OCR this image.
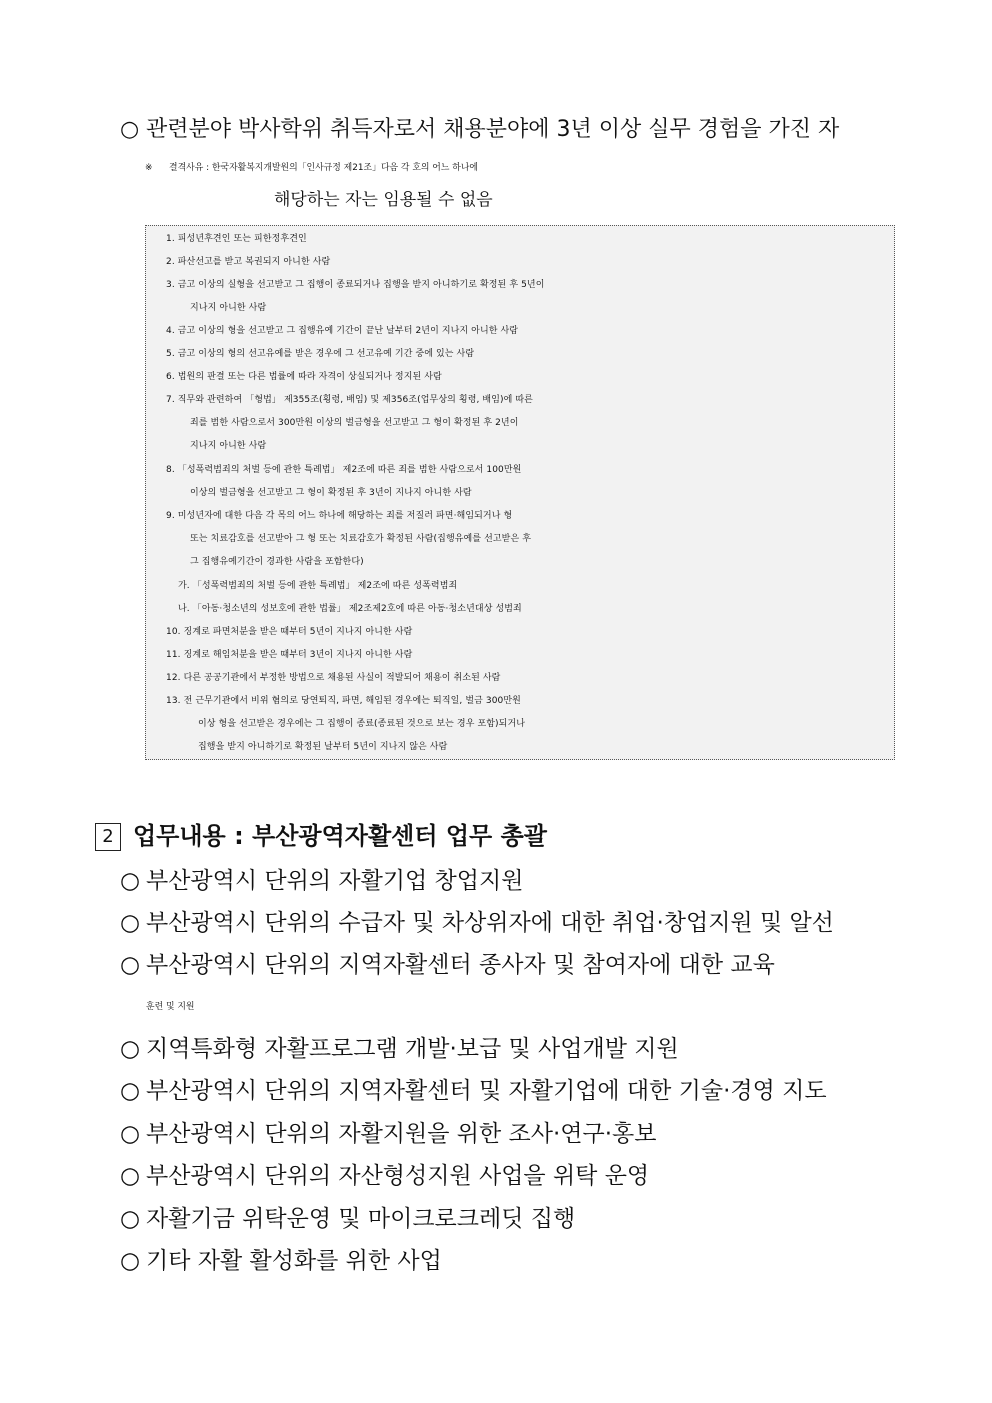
○ 관련분야 박사학위 취득자로서 채용분야에 3년 이상 실무 경험을 가진 자
※ 결격사유 : 한국자활복지개발원의「인사규정 제21조」다음 각 호의 어느 하나에
해당하는 자는 임용될 수 없음
1. 피성년후견인 또는 피한정후견인
2. 파산선고를 받고 복권되지 아니한 사람
3. 금고 이상의 실형을 선고받고 그 집행이 종료되거나 집행을 받지 아니하기로 확정된 후 5년이
지나지 아니한 사람
4. 금고 이상의 형을 선고받고 그 집행유예 기간이 끝난 날부터 2년이 지나지 아니한 사람
5. 금고 이상의 형의 선고유예를 받은 경우에 그 선고유예 기간 중에 있는 사람
6. 법원의 판결 또는 다른 법률에 따라 자격이 상실되거나 정지된 사람
7. 직무와 관련하여 「형법」 제355조(횡령, 배임) 및 제356조(업무상의 횡령, 배임)에 따른
죄를 범한 사람으로서 300만원 이상의 벌금형을 선고받고 그 형이 확정된 후 2년이
지나지 아니한 사람
8. 「성폭력범죄의 처벌 등에 관한 특례법」 제2조에 따른 죄를 범한 사람으로서 100만원
이상의 벌금형을 선고받고 그 형이 확정된 후 3년이 지나지 아니한 사람
9. 미성년자에 대한 다음 각 목의 어느 하나에 해당하는 죄를 저질러 파면·해임되거나 형
또는 치료감호를 선고받아 그 형 또는 치료감호가 확정된 사람(집행유예를 선고받은 후
그 집행유예기간이 경과한 사람을 포함한다)
가. 「성폭력범죄의 처벌 등에 관한 특례법」 제2조에 따른 성폭력범죄
나. 「아동·청소년의 성보호에 관한 법률」 제2조제2호에 따른 아동·청소년대상 성범죄
10. 징계로 파면처분을 받은 때부터 5년이 지나지 아니한 사람
11. 징계로 해임처분을 받은 때부터 3년이 지나지 아니한 사람
12. 다른 공공기관에서 부정한 방법으로 채용된 사실이 적발되어 채용이 취소된 사람
13. 전 근무기관에서 비위 혐의로 당연퇴직, 파면, 해임된 경우에는 퇴직일, 벌금 300만원
이상 형을 선고받은 경우에는 그 집행이 종료(종료된 것으로 보는 경우 포함)되거나
집행을 받지 아니하기로 확정된 날부터 5년이 지나지 않은 사람
2 업무내용 : 부산광역자활센터 업무 총괄
○ 부산광역시 단위의 자활기업 창업지원
○ 부산광역시 단위의 수급자 및 차상위자에 대한 취업·창업지원 및 알선
○ 부산광역시 단위의 지역자활센터 종사자 및 참여자에 대한 교육
훈련 및 지원
○ 지역특화형 자활프로그램 개발·보급 및 사업개발 지원
○ 부산광역시 단위의 지역자활센터 및 자활기업에 대한 기술·경영 지도
○ 부산광역시 단위의 자활지원을 위한 조사·연구·홍보
○ 부산광역시 단위의 자산형성지원 사업을 위탁 운영
○ 자활기금 위탁운영 및 마이크로크레딧 집행
○ 기타 자활 활성화를 위한 사업
